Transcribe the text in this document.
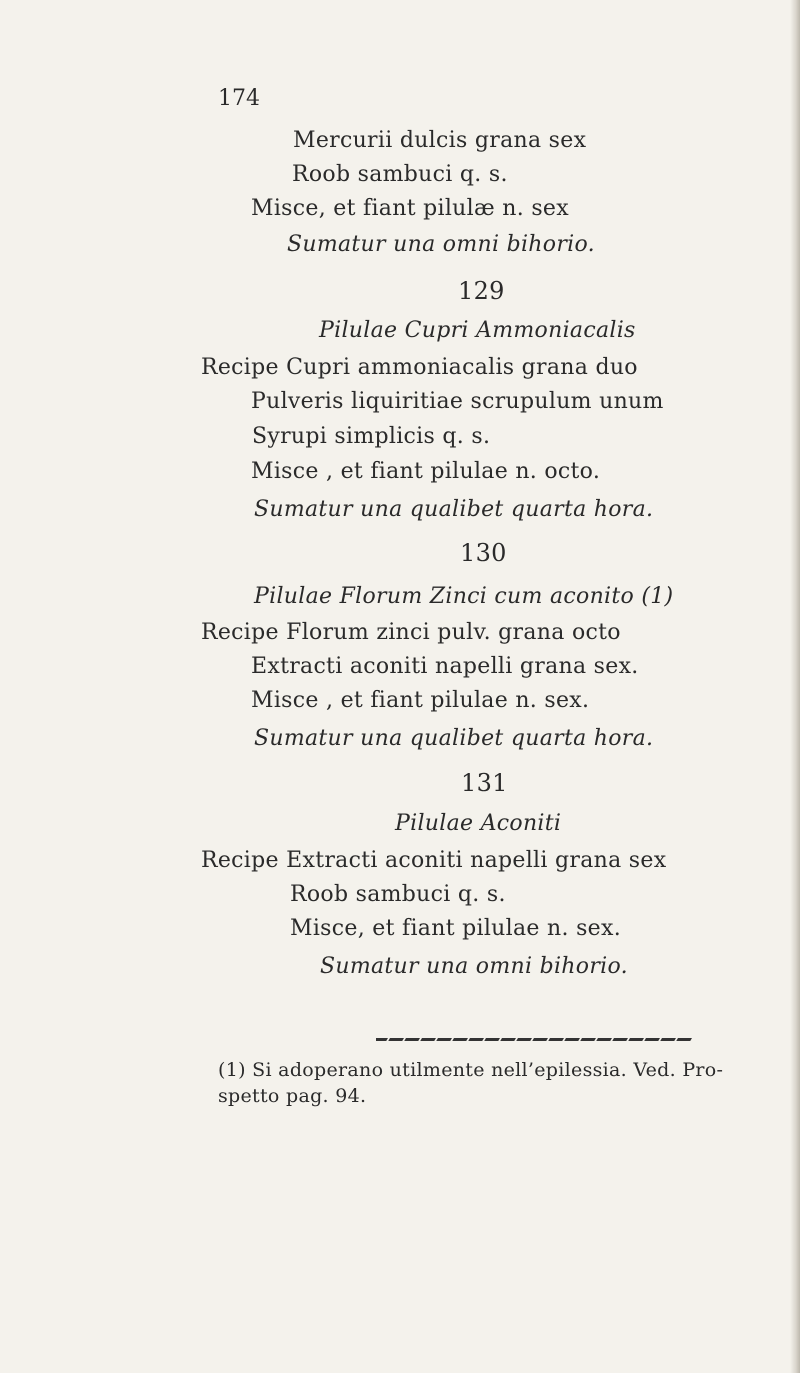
174
Mercurii dulcis grana sex
Roob sambuci q. s.
Misce, et fiant pilulæ n. sex
Sumatur una omni bihorio.
129
Pilulae Cupri Ammoniacalis
Recipe Cupri ammoniacalis grana duo
Pulveris liquiritiae scrupulum unum
Syrupi simplicis q. s.
Misce , et fiant pilulae n. octo.
Sumatur una qualibet quarta hora.
130
Pilulae Florum Zinci cum aconito (1)
Recipe Florum zinci pulv. grana octo
Extracti aconiti napelli grana sex.
Misce , et fiant pilulae n. sex.
Sumatur una qualibet quarta hora.
131
Pilulae Aconiti
Recipe Extracti aconiti napelli grana sex
Roob sambuci q. s.
Misce, et fiant pilulae n. sex.
Sumatur una omni bihorio.
(1) Si adoperano utilmente nell’epilessia. Ved. Pro-
spetto pag. 94.
